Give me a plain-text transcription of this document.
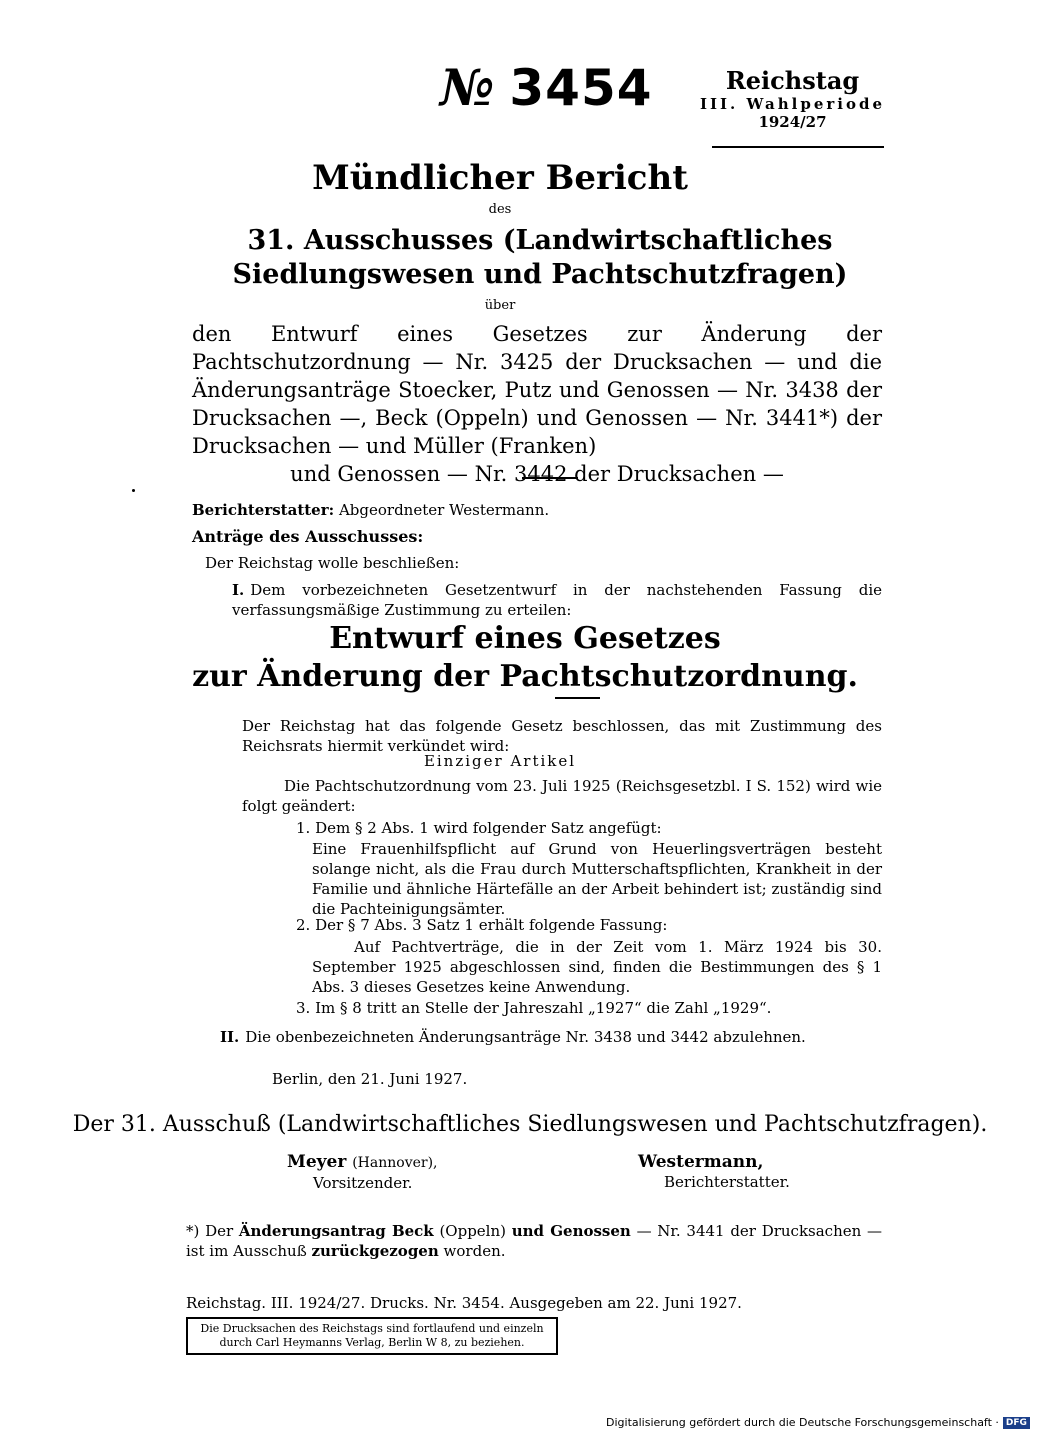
№ 3454	Reichstag
III. Wahlperiode
1924/27
Mündlicher Bericht
des
31. Ausschusses (Landwirtschaftliches Siedlungswesen und Pachtschutzfragen)
über

den Entwurf eines Gesetzes zur Änderung der Pachtschutzordnung — Nr. 3425 der Drucksachen — und die Änderungsanträge Stoecker, Putz und Genossen — Nr. 3438 der Drucksachen —, Beck (Oppeln) und Genossen — Nr. 3441*) der Drucksachen — und Müller (Franken)

und Genossen — Nr. 3442 der Drucksachen —

Berichterstatter: Abgeordneter Westermann.
Anträge des Ausschusses:
Der Reichstag wolle beschließen:
I. Dem vorbezeichneten Gesetzentwurf in der nachstehenden Fassung die verfassungsmäßige Zustimmung zu erteilen:
Entwurf eines Gesetzes
zur Änderung der Pachtschutzordnung.
Der Reichstag hat das folgende Gesetz beschlossen, das mit Zustimmung des Reichsrats hiermit verkündet wird:
Einziger Artikel
Die Pachtschutzordnung vom 23. Juli 1925 (Reichsgesetzbl. I S. 152) wird wie folgt geändert:
1. Dem § 2 Abs. 1 wird folgender Satz angefügt:
Eine Frauenhilfspflicht auf Grund von Heuerlingsverträgen besteht solange nicht, als die Frau durch Mutterschaftspflichten, Krankheit in der Familie und ähnliche Härtefälle an der Arbeit behindert ist; zuständig sind die Pachteinigungsämter.
2. Der § 7 Abs. 3 Satz 1 erhält folgende Fassung:
Auf Pachtverträge, die in der Zeit vom 1. März 1924 bis 30. September 1925 abgeschlossen sind, finden die Bestimmungen des § 1 Abs. 3 dieses Gesetzes keine Anwendung.
3. Im § 8 tritt an Stelle der Jahreszahl „1927“ die Zahl „1929“.
II. Die obenbezeichneten Änderungsanträge Nr. 3438 und 3442 abzulehnen.
Berlin, den 21. Juni 1927.
Der 31. Ausschuß (Landwirtschaftliches Siedlungswesen und Pachtschutzfragen).
Meyer (Hannover),
Vorsitzender.
Westermann,
Berichterstatter.
*) Der Änderungsantrag Beck (Oppeln) und Genossen — Nr. 3441 der Drucksachen — ist im Ausschuß zurückgezogen worden.
Reichstag. III. 1924/27. Drucks. Nr. 3454. Ausgegeben am 22. Juni 1927.
Die Drucksachen des Reichstags sind fortlaufend und einzeln durch Carl Heymanns Verlag, Berlin W 8, zu beziehen.
Digitalisierung gefördert durch die Deutsche Forschungsgemeinschaft · DFG
